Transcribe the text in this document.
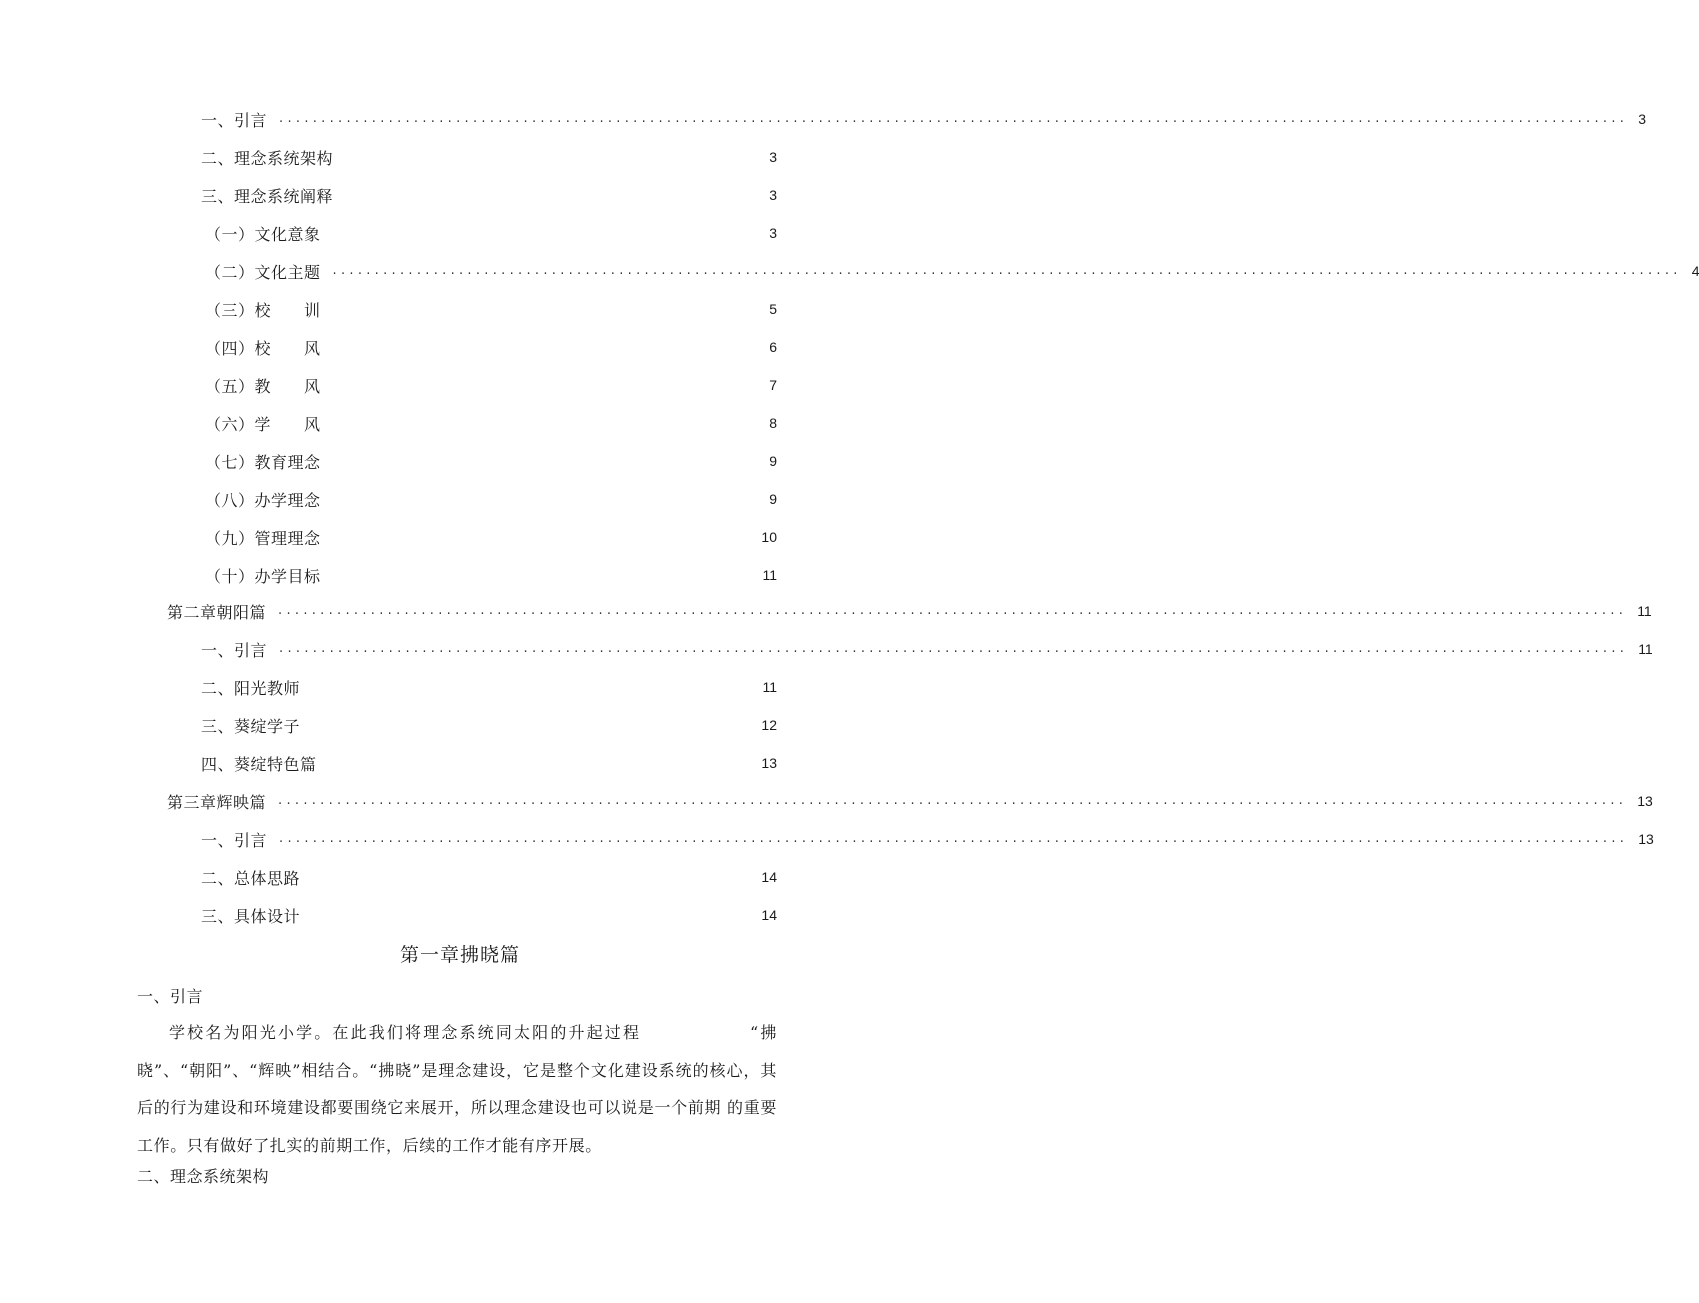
一、引言 ................................................................................................................................................................ 3
二、理念系统架构	3
三、理念系统阐释	3
（一）文化意象	3
（二）文化主题 ................................................................................................................................................................ 4
（三）校　　训	5
（四）校　　风	6
（五）教　　风	7
（六）学　　风	8
（七）教育理念	9
（八）办学理念	9
（九）管理理念	10
（十）办学目标	11
第二章朝阳篇 ................................................................................................................................................................ 11
一、引言 ................................................................................................................................................................ 11
二、阳光教师	11
三、葵绽学子	12
四、葵绽特色篇	13
第三章辉映篇 ................................................................................................................................................................ 13
一、引言 ................................................................................................................................................................ 13
二、总体思路	14
三、具体设计	14
第一章拂晓篇
一、引言
学校名为阳光小学。在此我们将理念系统同太阳的升起过程　　　　　　“拂晓”、“朝阳”、“辉映”相结合。“拂晓”是理念建设，它是整个文化建设系统的核心，其 后的行为建设和环境建设都要围绕它来展开，所以理念建设也可以说是一个前期 的重要工作。只有做好了扎实的前期工作，后续的工作才能有序开展。
二、理念系统架构
